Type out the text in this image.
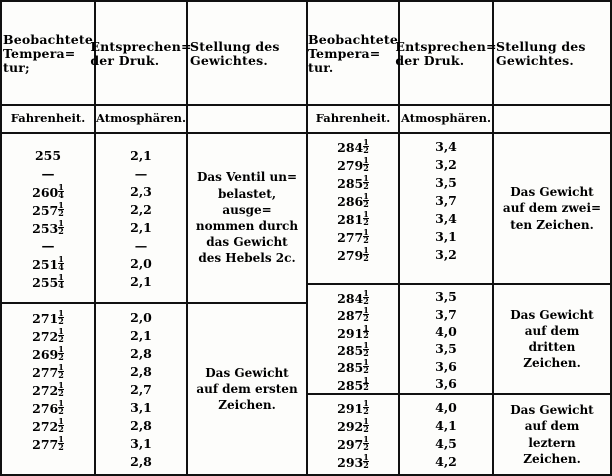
Beobachtete Tempera= tur;
Entsprechen= der Druk.
Stellung des Gewichtes.
Fahrenheit. Atmosphären.
255
—
$260 \frac{1}{4}$
$257 \frac{1}{2}$
$253 \frac{1}{2}$
—
$251 \frac{1}{4}$
$255 \frac{1}{4}$
2,1
—
2,3
2,2
2,1
—
2,0
2,1
Das Ventil un= belastet, ausge= nommen durch das Gewicht des Hebels 2c.
$271 \frac{1}{2}$
$272 \frac{1}{2}$
$269 \frac{1}{2}$
$277 \frac{1}{2}$
$272 \frac{1}{2}$
$276 \frac{1}{2}$
$272 \frac{1}{2}$
$277 \frac{1}{2}$
2,0
2,1
2,8
2,8
2,7
3,1
2,8
3,1
2,8
Das Gewicht auf dem ersten Zeichen.
Beobachtete Tempera= tur.
Entsprechen= der Druk.
Stellung des Gewichtes.
Fahrenheit. Atmosphären.
$284 \frac{1}{2}$
$279 \frac{1}{2}$
$285 \frac{1}{2}$
$286 \frac{1}{2}$
$281 \frac{1}{2}$
$277 \frac{1}{2}$
$279 \frac{1}{2}$
3,4
3,2
3,5
3,7
3,4
3,1
3,2
Das Gewicht auf dem zwei= ten Zeichen.
$284 \frac{1}{2}$
$287 \frac{1}{2}$
$291 \frac{1}{2}$
$285 \frac{1}{2}$
$285 \frac{1}{2}$
$285 \frac{1}{2}$
3,5
3,7
4,0
3,5
3,6
3,6
Das Gewicht auf dem dritten Zeichen.
$291 \frac{1}{2}$
$292 \frac{1}{2}$
$297 \frac{1}{2}$
$293 \frac{1}{2}$
4,0
4,1
4,5
4,2
Das Gewicht auf dem leztern Zeichen.
